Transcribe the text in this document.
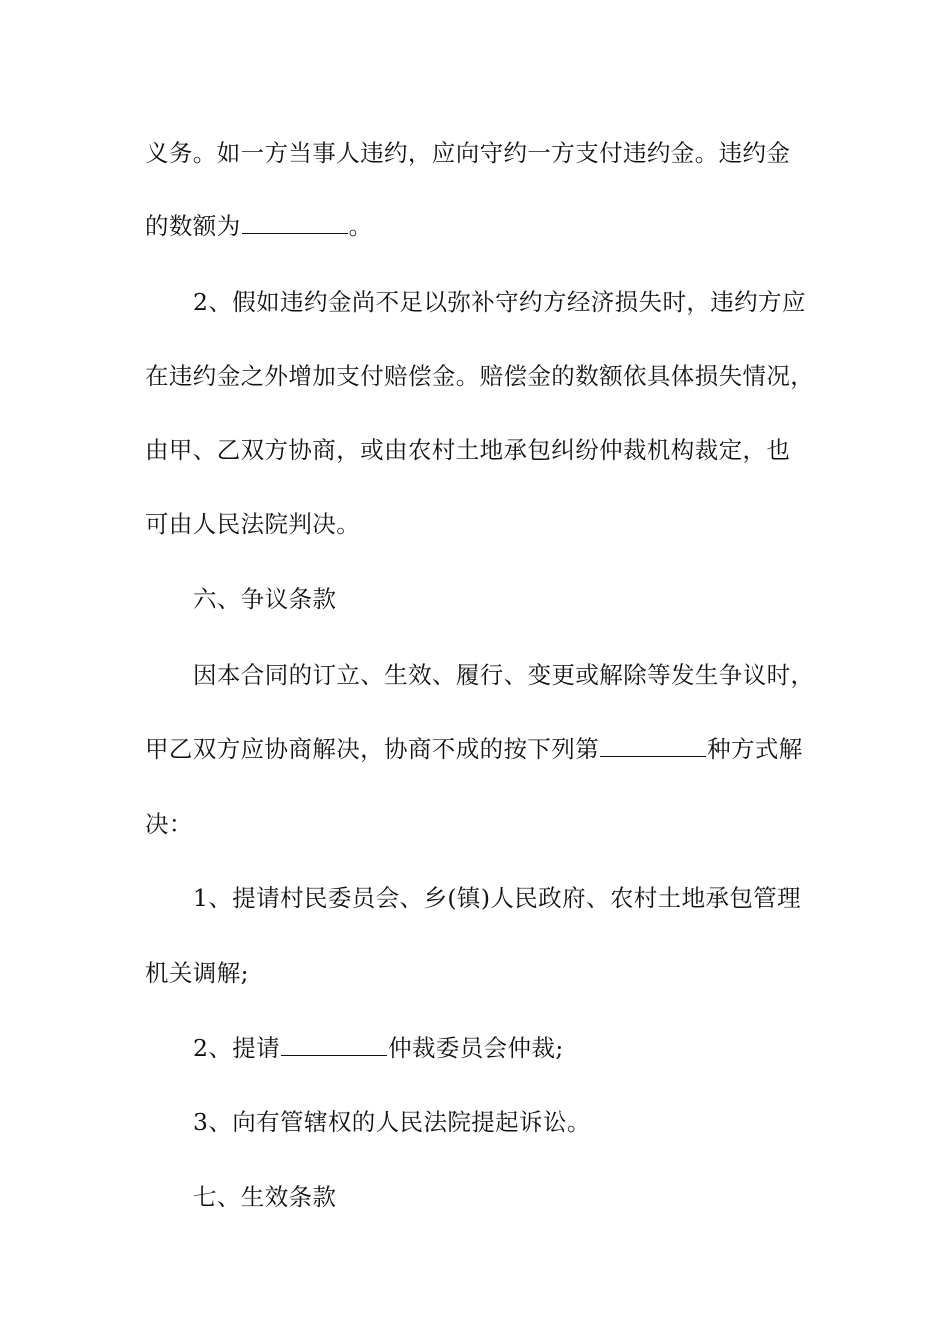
义务。如一方当事人违约，应向守约一方支付违约金。违约金
的数额为	。
2、假如违约金尚不足以弥补守约方经济损失时，违约方应
在违约金之外增加支付赔偿金。赔偿金的数额依具体损失情况，
由甲、乙双方协商，或由农村土地承包纠纷仲裁机构裁定，也
可由人民法院判决。
六、争议条款
因本合同的订立、生效、履行、变更或解除等发生争议时，
甲乙双方应协商解决，协商不成的按下列第	种方式解
决：
1、提请村民委员会、乡(镇)人民政府、农村土地承包管理
机关调解;
2、提请	仲裁委员会仲裁;
3、向有管辖权的人民法院提起诉讼。
七、生效条款
